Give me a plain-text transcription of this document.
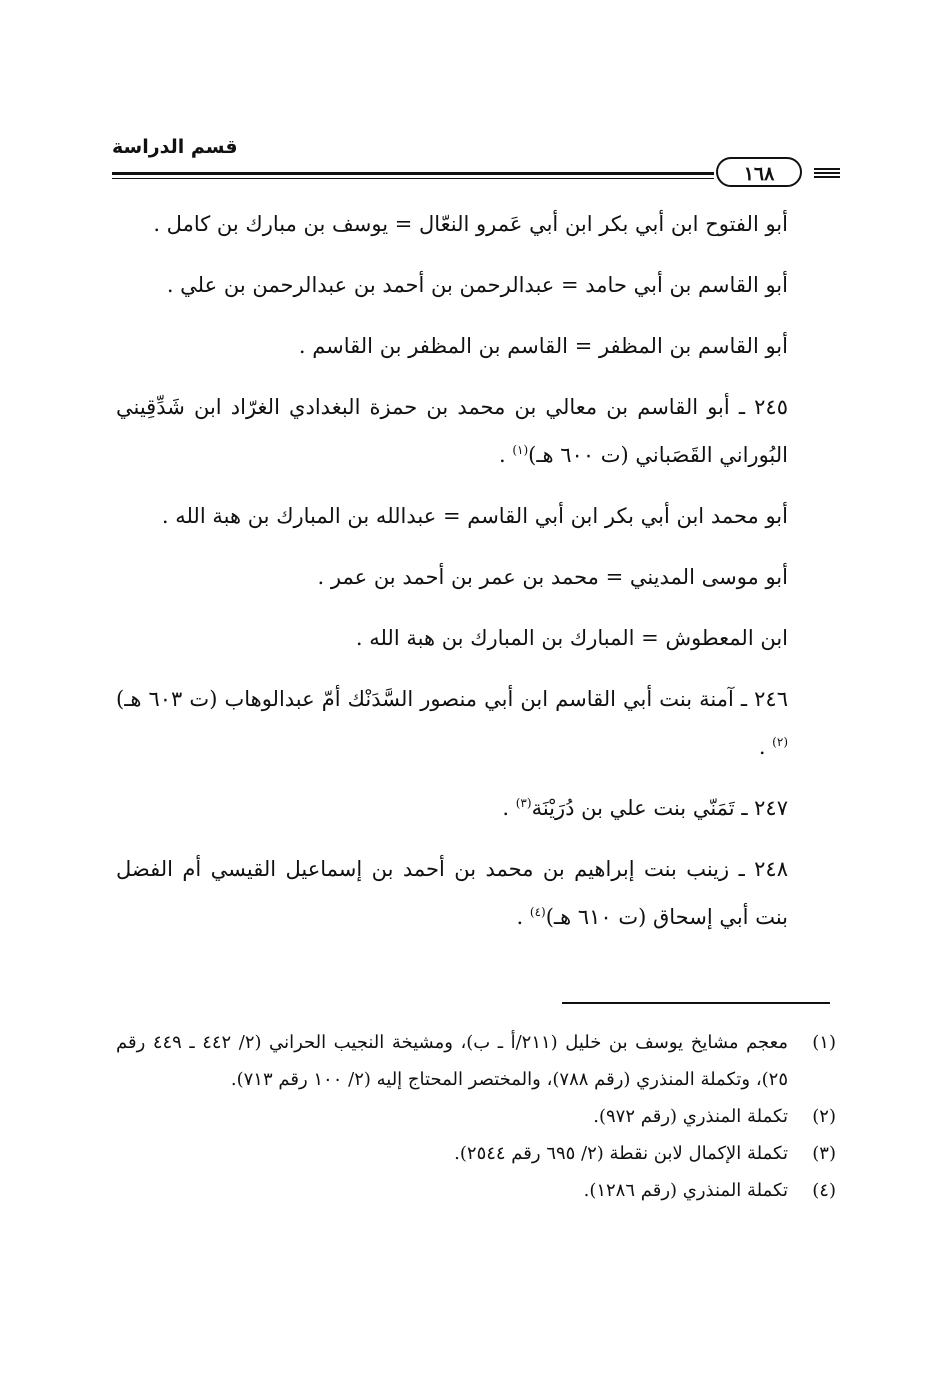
قسم الدراسة
١٦٨

أبو الفتوح ابن أبي بكر ابن أبي عَمرو النعّال = يوسف بن مبارك بن كامل .

أبو القاسم بن أبي حامد = عبدالرحمن بن أحمد بن عبدالرحمن بن علي .

أبو القاسم بن المظفر = القاسم بن المظفر بن القاسم .

٢٤٥ ـ أبو القاسم بن معالي بن محمد بن حمزة البغدادي الغرّاد ابن شَدِّقِيني البُوراني القَصَباني (ت ٦٠٠ هـ)$^{(١)}$ .

أبو محمد ابن أبي بكر ابن أبي القاسم = عبدالله بن المبارك بن هبة الله .

أبو موسى المديني = محمد بن عمر بن أحمد بن عمر .

ابن المعطوش = المبارك بن المبارك بن هبة الله .

٢٤٦ ـ آمنة بنت أبي القاسم ابن أبي منصور السَّدَنْك أمّ عبدالوهاب (ت ٦٠٣ هـ)$^{(٢)}$ .

٢٤٧ ـ تَمَنّي بنت علي بن دُرَيْنَة$^{(٣)}$ .

٢٤٨ ـ زينب بنت إبراهيم بن محمد بن أحمد بن إسماعيل القيسي أم الفضل بنت أبي إسحاق (ت ٦١٠ هـ)$^{(٤)}$ .

(١)
معجم مشايخ يوسف بن خليل (٢١١/أ ـ ب)، ومشيخة النجيب الحراني (٢/ ٤٤٢ ـ ٤٤٩ رقم ٢٥)، وتكملة المنذري (رقم ٧٨٨)، والمختصر المحتاج إليه (٢/ ١٠٠ رقم ٧١٣).
(٢)
تكملة المنذري (رقم ٩٧٢).
(٣)
تكملة الإكمال لابن نقطة (٢/ ٦٩٥ رقم ٢٥٤٤).
(٤)
تكملة المنذري (رقم ١٢٨٦).
